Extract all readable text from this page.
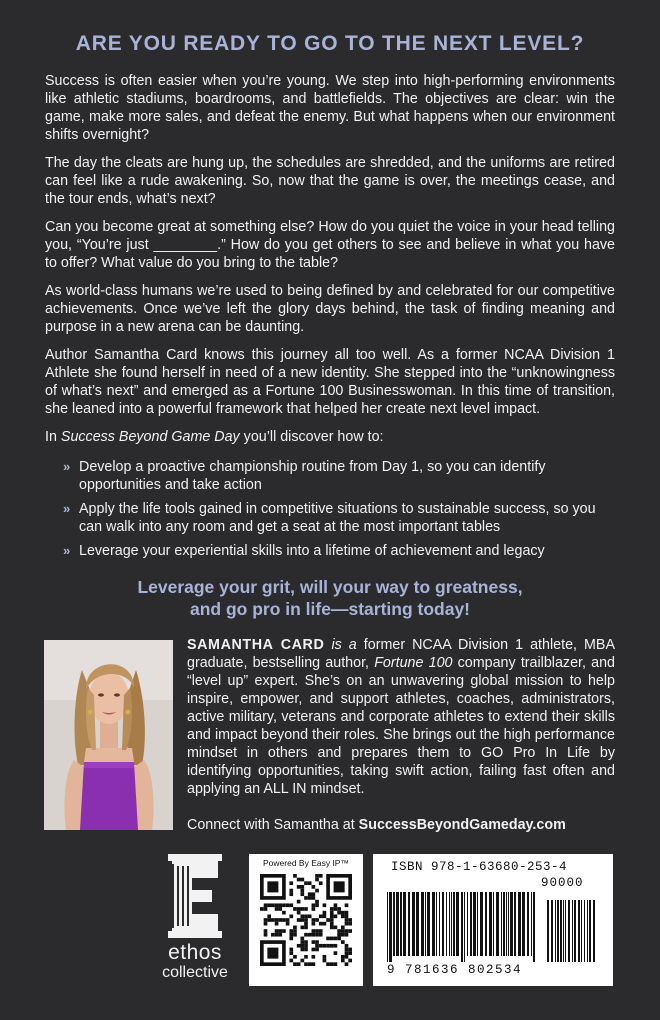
ARE YOU READY TO GO TO THE NEXT LEVEL?

Success is often easier when you’re young. We step into high-performing environments like athletic stadiums, boardrooms, and battlefields. The objectives are clear: win the game, make more sales, and defeat the enemy. But what happens when our environment shifts overnight?

The day the cleats are hung up, the schedules are shredded, and the uniforms are retired can feel like a rude awakening. So, now that the game is over, the meetings cease, and the tour ends, what’s next?

Can you become great at something else? How do you quiet the voice in your head telling you, “You’re just ________.” How do you get others to see and believe in what you have to offer? What value do you bring to the table?

As world-class humans we’re used to being defined by and celebrated for our competitive achievements. Once we’ve left the glory days behind, the task of finding meaning and purpose in a new arena can be daunting.

Author Samantha Card knows this journey all too well. As a former NCAA Division 1 Athlete she found herself in need of a new identity. She stepped into the “unknowingness of what’s next” and emerged as a Fortune 100 Businesswoman. In this time of transition, she leaned into a powerful framework that helped her create next level impact.

In Success Beyond Game Day you’ll discover how to:

» Develop a proactive championship routine from Day 1, so you can identify opportunities and take action
» Apply the life tools gained in competitive situations to sustainable success, so you can walk into any room and get a seat at the most important tables
» Leverage your experiential skills into a lifetime of achievement and legacy
Leverage your grit, will your way to greatness,
and go pro in life—starting today!
SAMANTHA CARD is a former NCAA Division 1 athlete, MBA graduate, bestselling author, Fortune 100 company trailblazer, and “level up” expert. She’s on an unwavering global mission to help inspire, empower, and support athletes, coaches, administrators, active military, veterans and corporate athletes to extend their skills and impact beyond their roles. She brings out the high performance mindset in others and prepares them to GO Pro In Life by identifying opportunities, taking swift action, failing fast often and applying an ALL IN mindset.
Connect with Samantha at SuccessBeyondGameday.com
ethos
collective
Powered By Easy IP™	ISBN 978-1-63680-253-4
90000
9 781636 802534
